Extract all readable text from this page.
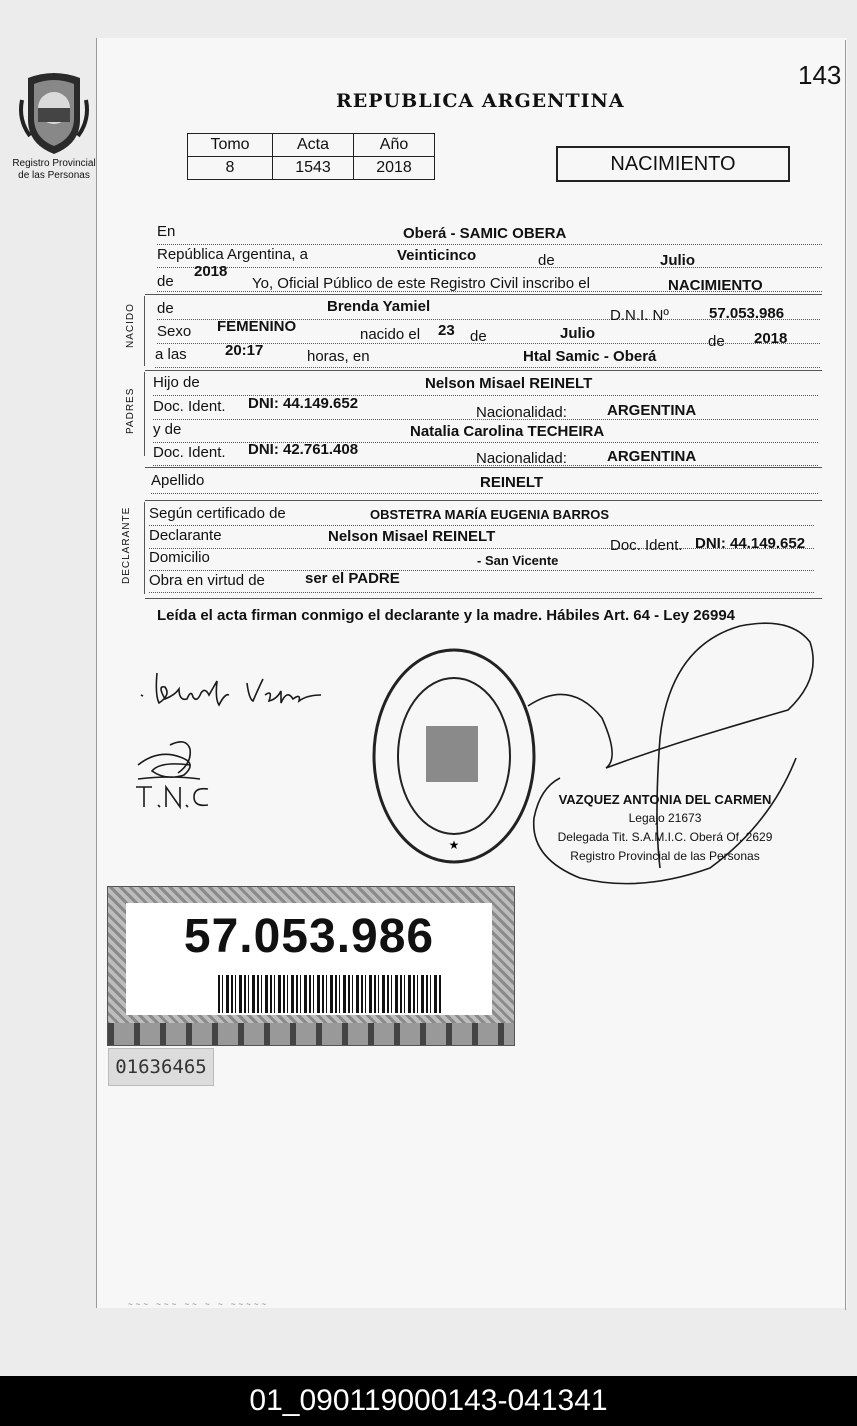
143
Registro Provincial
de las Personas
REPUBLICA ARGENTINA
Tomo	Acta	Año
8	1543	2018	NACIMIENTO
En	Oberá - SAMIC OBERA
República Argentina, a	Veinticinco	de	Julio
de
2018
Yo, Oficial Público de este Registro Civil inscribo el	NACIMIENTO
NACIDO de	Brenda Yamiel
D.N.I. Nº	57.053.986
Sexo FEMENINO	nacido el 23 de	Julio	de 2018
a las	20:17	horas, en	Htal Samic - Oberá
PADRES
Hijo de	Nelson Misael REINELT
Doc. Ident. DNI: 44.149.652
Nacionalidad:	ARGENTINA
y de	Natalia Carolina TECHEIRA
Doc. Ident. DNI: 42.761.408
Nacionalidad:	ARGENTINA
Apellido	REINELT
DECLARANTE Según certificado de	OBSTETRA MARÍA EUGENIA BARROS
Declarante	Nelson Misael REINELT
Doc. Ident. DNI: 44.149.652
Domicilio	- San Vicente
Obra en virtud de	ser el PADRE
Leída el acta firman conmigo el declarante y la madre. Hábiles Art. 64 - Ley 26994
★
VAZQUEZ ANTONIA DEL CARMEN
Legajo 21673
Delegada Tit. S.A.M.I.C. Oberá Of. 2629
Registro Provincial de las Personas
57.053.986
01636465
~~~ ~~~ ~~ ~ ~ ~~~~~
01_090119000143-041341
